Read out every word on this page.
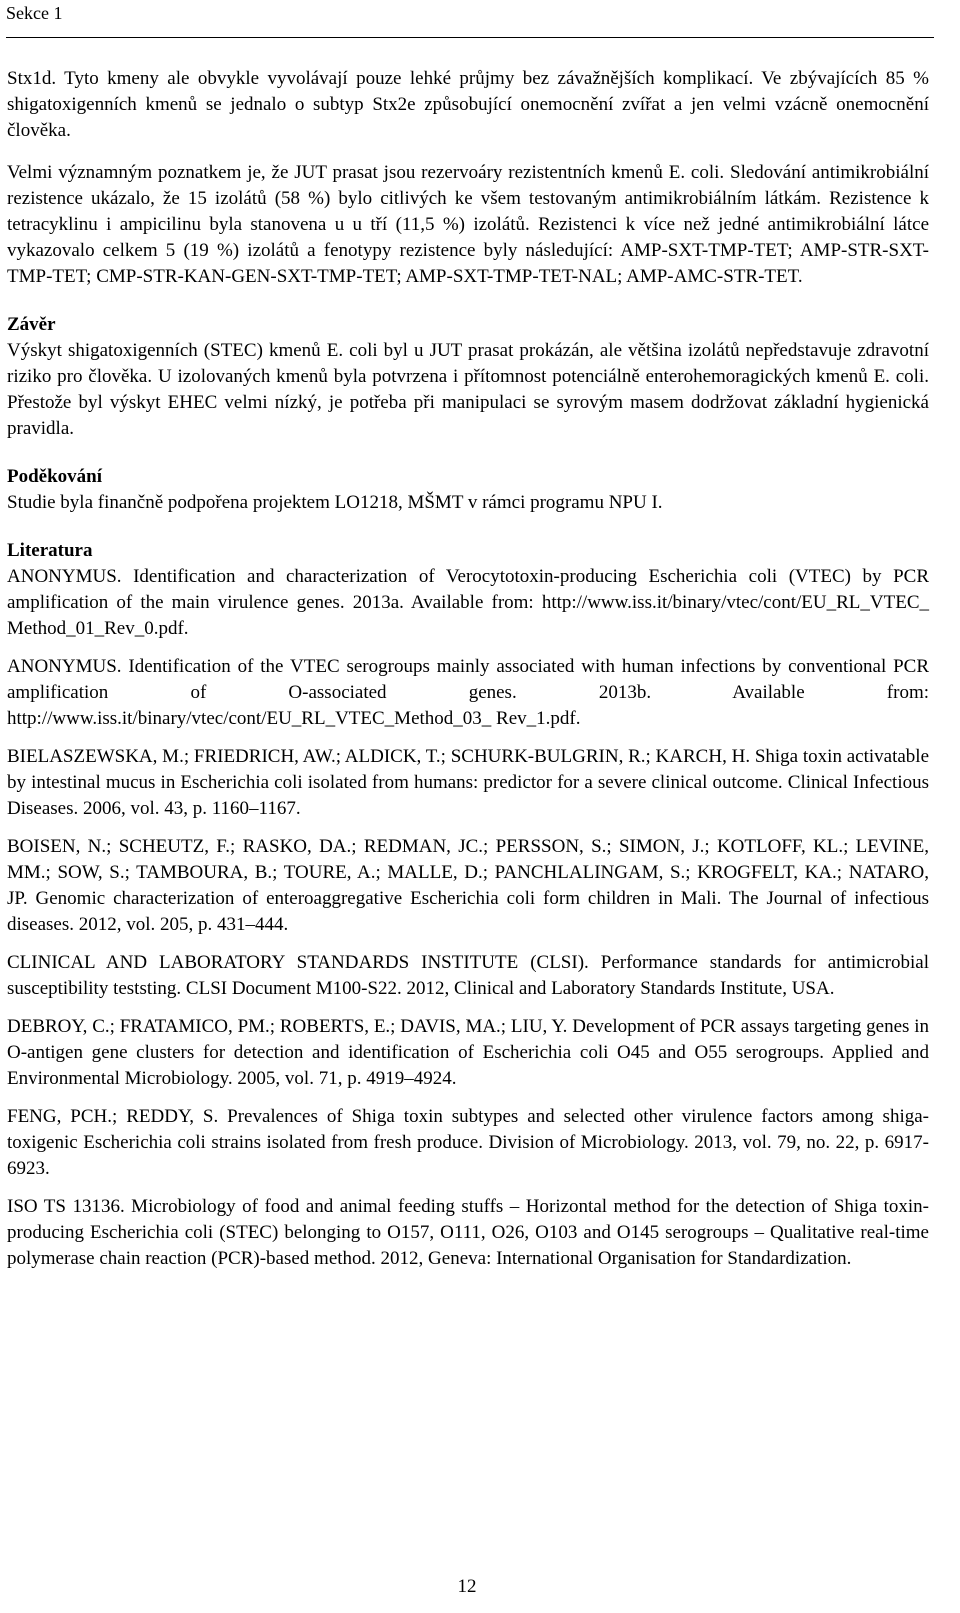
Sekce 1

Stx1d. Tyto kmeny ale obvykle vyvolávají pouze lehké průjmy bez závažnějších komplikací. Ve zbývajících 85 % shigatoxigenních kmenů se jednalo o subtyp Stx2e způsobující onemocnění zvířat a jen velmi vzácně onemocnění člověka.

Velmi významným poznatkem je, že JUT prasat jsou rezervoáry rezistentních kmenů E. coli. Sledování antimikrobiální rezistence ukázalo, že 15 izolátů (58 %) bylo citlivých ke všem testovaným antimikrobiálním látkám. Rezistence k tetracyklinu i ampicilinu byla stanovena u u tří (11,5 %) izolátů. Rezistenci k více než jedné antimikrobiální látce vykazovalo celkem 5 (19 %) izolátů a fenotypy rezistence byly následující: AMP-SXT-TMP-TET; AMP-STR-SXT-TMP-TET; CMP-STR-KAN-GEN-SXT-TMP-TET; AMP-SXT-TMP-TET-NAL; AMP-AMC-STR-TET.

Závěr

Výskyt shigatoxigenních (STEC) kmenů E. coli byl u JUT prasat prokázán, ale většina izolátů nepředstavuje zdravotní riziko pro člověka. U izolovaných kmenů byla potvrzena i přítomnost potenciálně enterohemoragických kmenů E. coli. Přestože byl výskyt EHEC velmi nízký, je potřeba při manipulaci se syrovým masem dodržovat základní hygienická pravidla.

Poděkování

Studie byla finančně podpořena projektem LO1218, MŠMT v rámci programu NPU I.

Literatura

ANONYMUS. Identification and characterization of Verocytotoxin-producing Escherichia coli (VTEC) by PCR amplification of the main virulence genes. 2013a. Available from: http://www.iss.it/binary/vtec/cont/EU_RL_VTEC_ Method_01_Rev_0.pdf.

ANONYMUS. Identification of the VTEC serogroups mainly associated with human infections by conventional PCR amplification of O-associated genes. 2013b. Available from: http://www.iss.it/binary/vtec/cont/EU_RL_VTEC_Method_03_ Rev_1.pdf.

BIELASZEWSKA, M.; FRIEDRICH, AW.; ALDICK, T.; SCHURK-BULGRIN, R.; KARCH, H. Shiga toxin activatable by intestinal mucus in Escherichia coli isolated from humans: predictor for a severe clinical outcome. Clinical Infectious Diseases. 2006, vol. 43, p. 1160–1167.

BOISEN, N.; SCHEUTZ, F.; RASKO, DA.; REDMAN, JC.; PERSSON, S.; SIMON, J.; KOTLOFF, KL.; LEVINE, MM.; SOW, S.; TAMBOURA, B.; TOURE, A.; MALLE, D.; PANCHLALINGAM, S.; KROGFELT, KA.; NATARO, JP. Genomic characterization of enteroaggregative Escherichia coli form children in Mali. The Journal of infectious diseases. 2012, vol. 205, p. 431–444.

CLINICAL AND LABORATORY STANDARDS INSTITUTE (CLSI). Performance standards for antimicrobial susceptibility teststing. CLSI Document M100-S22. 2012, Clinical and Laboratory Standards Institute, USA.

DEBROY, C.; FRATAMICO, PM.; ROBERTS, E.; DAVIS, MA.; LIU, Y. Development of PCR assays targeting genes in O-antigen gene clusters for detection and identification of Escherichia coli O45 and O55 serogroups. Applied and Environmental Microbiology. 2005, vol. 71, p. 4919–4924.

FENG, PCH.; REDDY, S. Prevalences of Shiga toxin subtypes and selected other virulence factors among shiga-toxigenic Escherichia coli strains isolated from fresh produce. Division of Microbiology. 2013, vol. 79, no. 22, p. 6917-6923.

ISO TS 13136. Microbiology of food and animal feeding stuffs – Horizontal method for the detection of Shiga toxin-producing Escherichia coli (STEC) belonging to O157, O111, O26, O103 and O145 serogroups – Qualitative real-time polymerase chain reaction (PCR)-based method. 2012, Geneva: International Organisation for Standardization.

12
